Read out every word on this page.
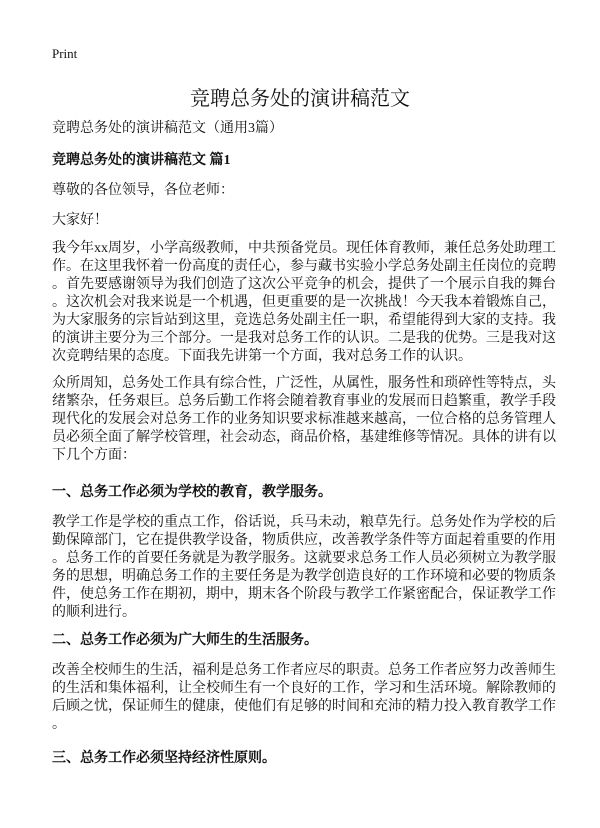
Print
竞聘总务处的演讲稿范文
竞聘总务处的演讲稿范文（通用3篇）
竞聘总务处的演讲稿范文 篇1
尊敬的各位领导，各位老师：
大家好！
我今年xx周岁，小学高级教师，中共预备党员。现任体育教师，兼任总务处助理工
作。在这里我怀着一份高度的责任心，参与藏书实验小学总务处副主任岗位的竞聘
。首先要感谢领导为我们创造了这次公平竞争的机会，提供了一个展示自我的舞台
。这次机会对我来说是一个机遇，但更重要的是一次挑战！今天我本着锻炼自己，
为大家服务的宗旨站到这里，竞选总务处副主任一职，希望能得到大家的支持。我
的演讲主要分为三个部分。一是我对总务工作的认识。二是我的优势。三是我对这
次竞聘结果的态度。下面我先讲第一个方面，我对总务工作的认识。
众所周知，总务处工作具有综合性，广泛性，从属性，服务性和琐碎性等特点，头
绪繁杂，任务艰巨。总务后勤工作将会随着教育事业的发展而日趋繁重，教学手段
现代化的发展会对总务工作的业务知识要求标准越来越高，一位合格的总务管理人
员必须全面了解学校管理，社会动态，商品价格，基建维修等情况。具体的讲有以
下几个方面：
一、总务工作必须为学校的教育，教学服务。
教学工作是学校的重点工作，俗话说，兵马未动，粮草先行。总务处作为学校的后
勤保障部门，它在提供教学设备，物质供应，改善教学条件等方面起着重要的作用
。总务工作的首要任务就是为教学服务。这就要求总务工作人员必须树立为教学服
务的思想，明确总务工作的主要任务是为教学创造良好的工作环境和必要的物质条
件，使总务工作在期初，期中，期末各个阶段与教学工作紧密配合，保证教学工作
的顺利进行。
二、总务工作必须为广大师生的生活服务。
改善全校师生的生活，福利是总务工作者应尽的职责。总务工作者应努力改善师生
的生活和集体福利，让全校师生有一个良好的工作，学习和生活环境。解除教师的
后顾之忧，保证师生的健康，使他们有足够的时间和充沛的精力投入教育教学工作
。
三、总务工作必须坚持经济性原则。
